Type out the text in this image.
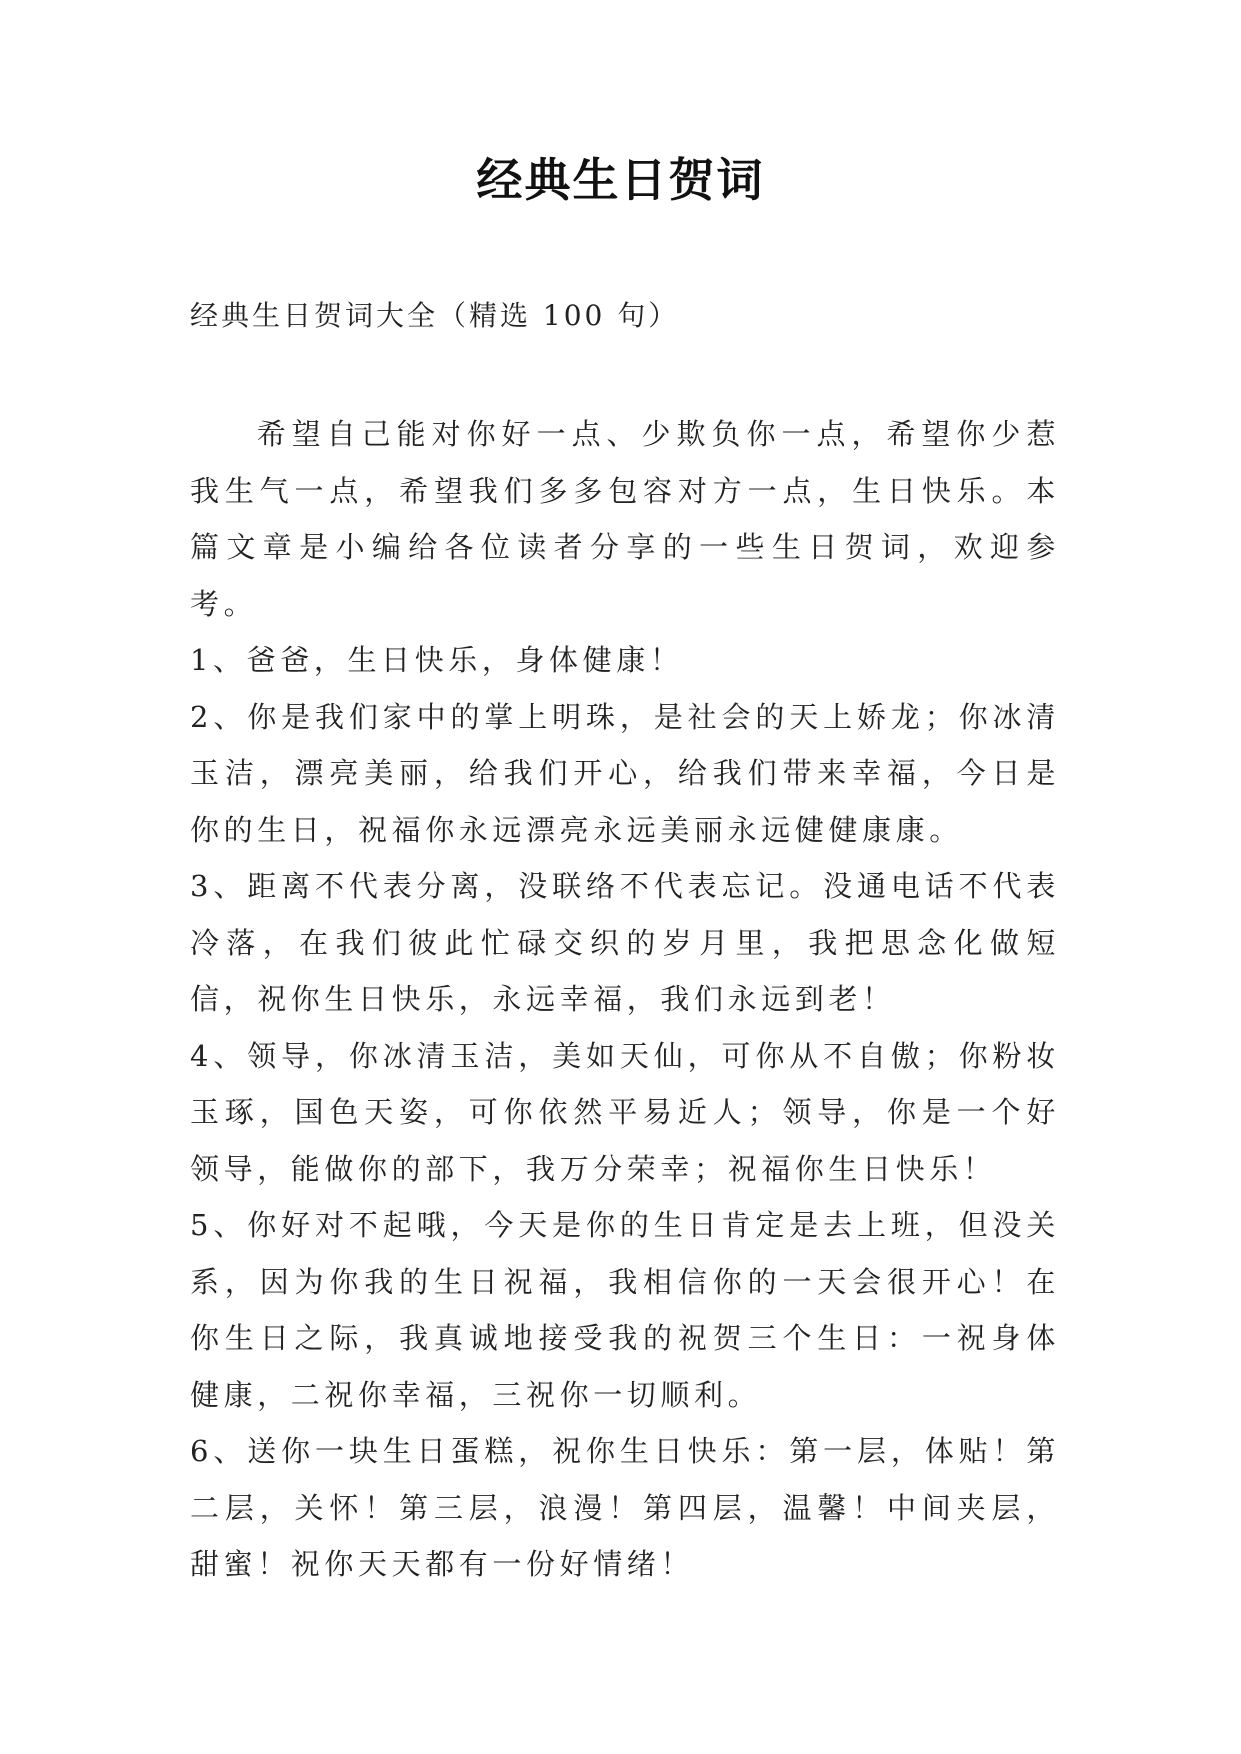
经典生日贺词
经典生日贺词大全（精选 100 句）

希望自己能对你好一点、少欺负你一点，希望你少惹我生气一点，希望我们多多包容对方一点，生日快乐。本篇文章是小编给各位读者分享的一些生日贺词，欢迎参考。

1、爸爸，生日快乐，身体健康！

2、你是我们家中的掌上明珠，是社会的天上娇龙；你冰清玉洁，漂亮美丽，给我们开心，给我们带来幸福，今日是你的生日，祝福你永远漂亮永远美丽永远健健康康。

3、距离不代表分离，没联络不代表忘记。没通电话不代表冷落，在我们彼此忙碌交织的岁月里，我把思念化做短信，祝你生日快乐，永远幸福，我们永远到老！

4、领导，你冰清玉洁，美如天仙，可你从不自傲；你粉妆玉琢，国色天姿，可你依然平易近人；领导，你是一个好领导，能做你的部下，我万分荣幸；祝福你生日快乐！

5、你好对不起哦，今天是你的生日肯定是去上班，但没关系，因为你我的生日祝福，我相信你的一天会很开心！在你生日之际，我真诚地接受我的祝贺三个生日：一祝身体健康，二祝你幸福，三祝你一切顺利。

6、送你一块生日蛋糕，祝你生日快乐：第一层，体贴！第二层，关怀！第三层，浪漫！第四层，温馨！中间夹层，甜蜜！祝你天天都有一份好情绪！
